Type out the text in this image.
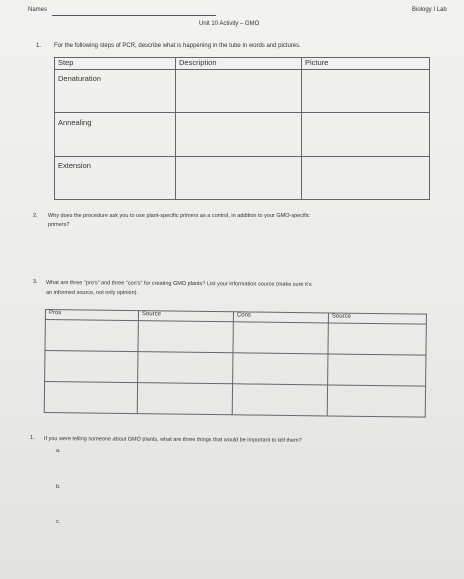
Names	Biology I Lab
Unit 10 Activity – GMO
1. For the following steps of PCR, describe what is happening in the tube in words and pictures.
Step	Description	Picture
Denaturation		
Annealing		
Extension		
2. Why does the procedure ask you to use plant-specific primers as a control, in addition to your GMO-specific
primers?
3. What are three "pro's" and three "con's" for creating GMO plants? List your information source (make sure it's
an informed source, not only opinion).
Pros	Source	Cons	Source

1. If you were telling someone about GMO plants, what are three things that would be important to tell them?
a.
b.
c.
